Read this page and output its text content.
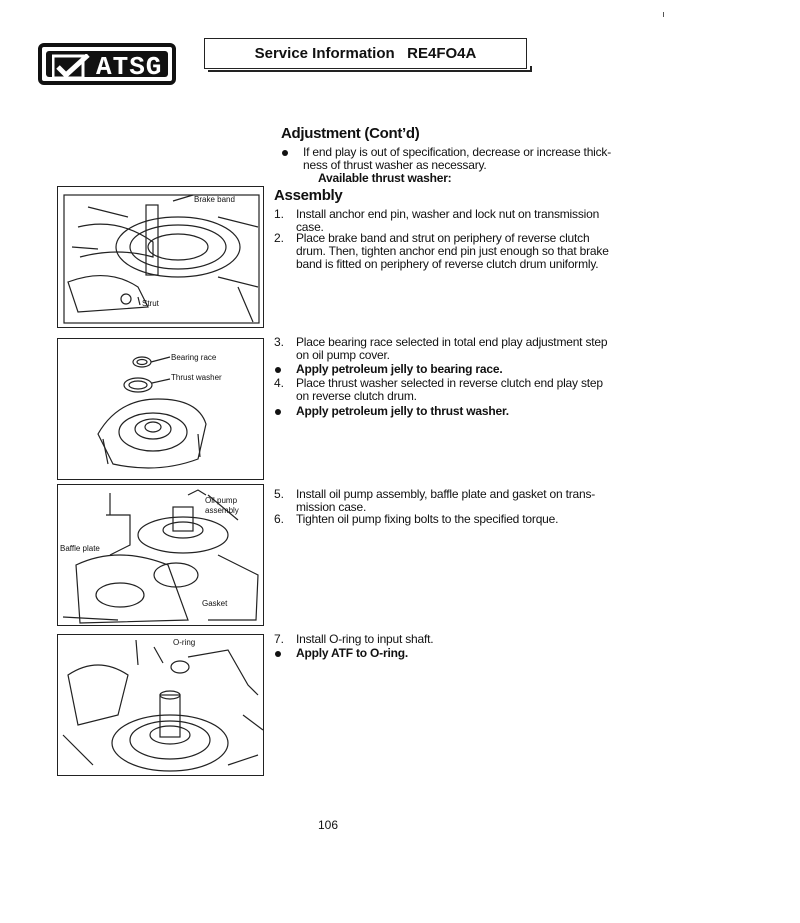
ATSG	Service Information   RE4FO4A
Adjustment (Cont’d)
If end play is out of specification, decrease or increase thick-
ness of thrust washer as necessary.
Available thrust washer:
Assembly
1. Install anchor end pin, washer and lock nut on transmission
case.
2. Place brake band and strut on periphery of reverse clutch
drum. Then, tighten anchor end pin just enough so that brake
band is fitted on periphery of reverse clutch drum uniformly.
3. Place bearing race selected in total end play adjustment step
on oil pump cover.
Apply petroleum jelly to bearing race.
4. Place thrust washer selected in reverse clutch end play step
on reverse clutch drum.
Apply petroleum jelly to thrust washer.
5. Install oil pump assembly, baffle plate and gasket on trans-
mission case.
6. Tighten oil pump fixing bolts to the specified torque.
7. Install O-ring to input shaft.
Apply ATF to O-ring.
Brake band
Strut
Bearing race
Thrust washer
Oil pump
assembly
Baffle plate
Gasket
O-ring
106
